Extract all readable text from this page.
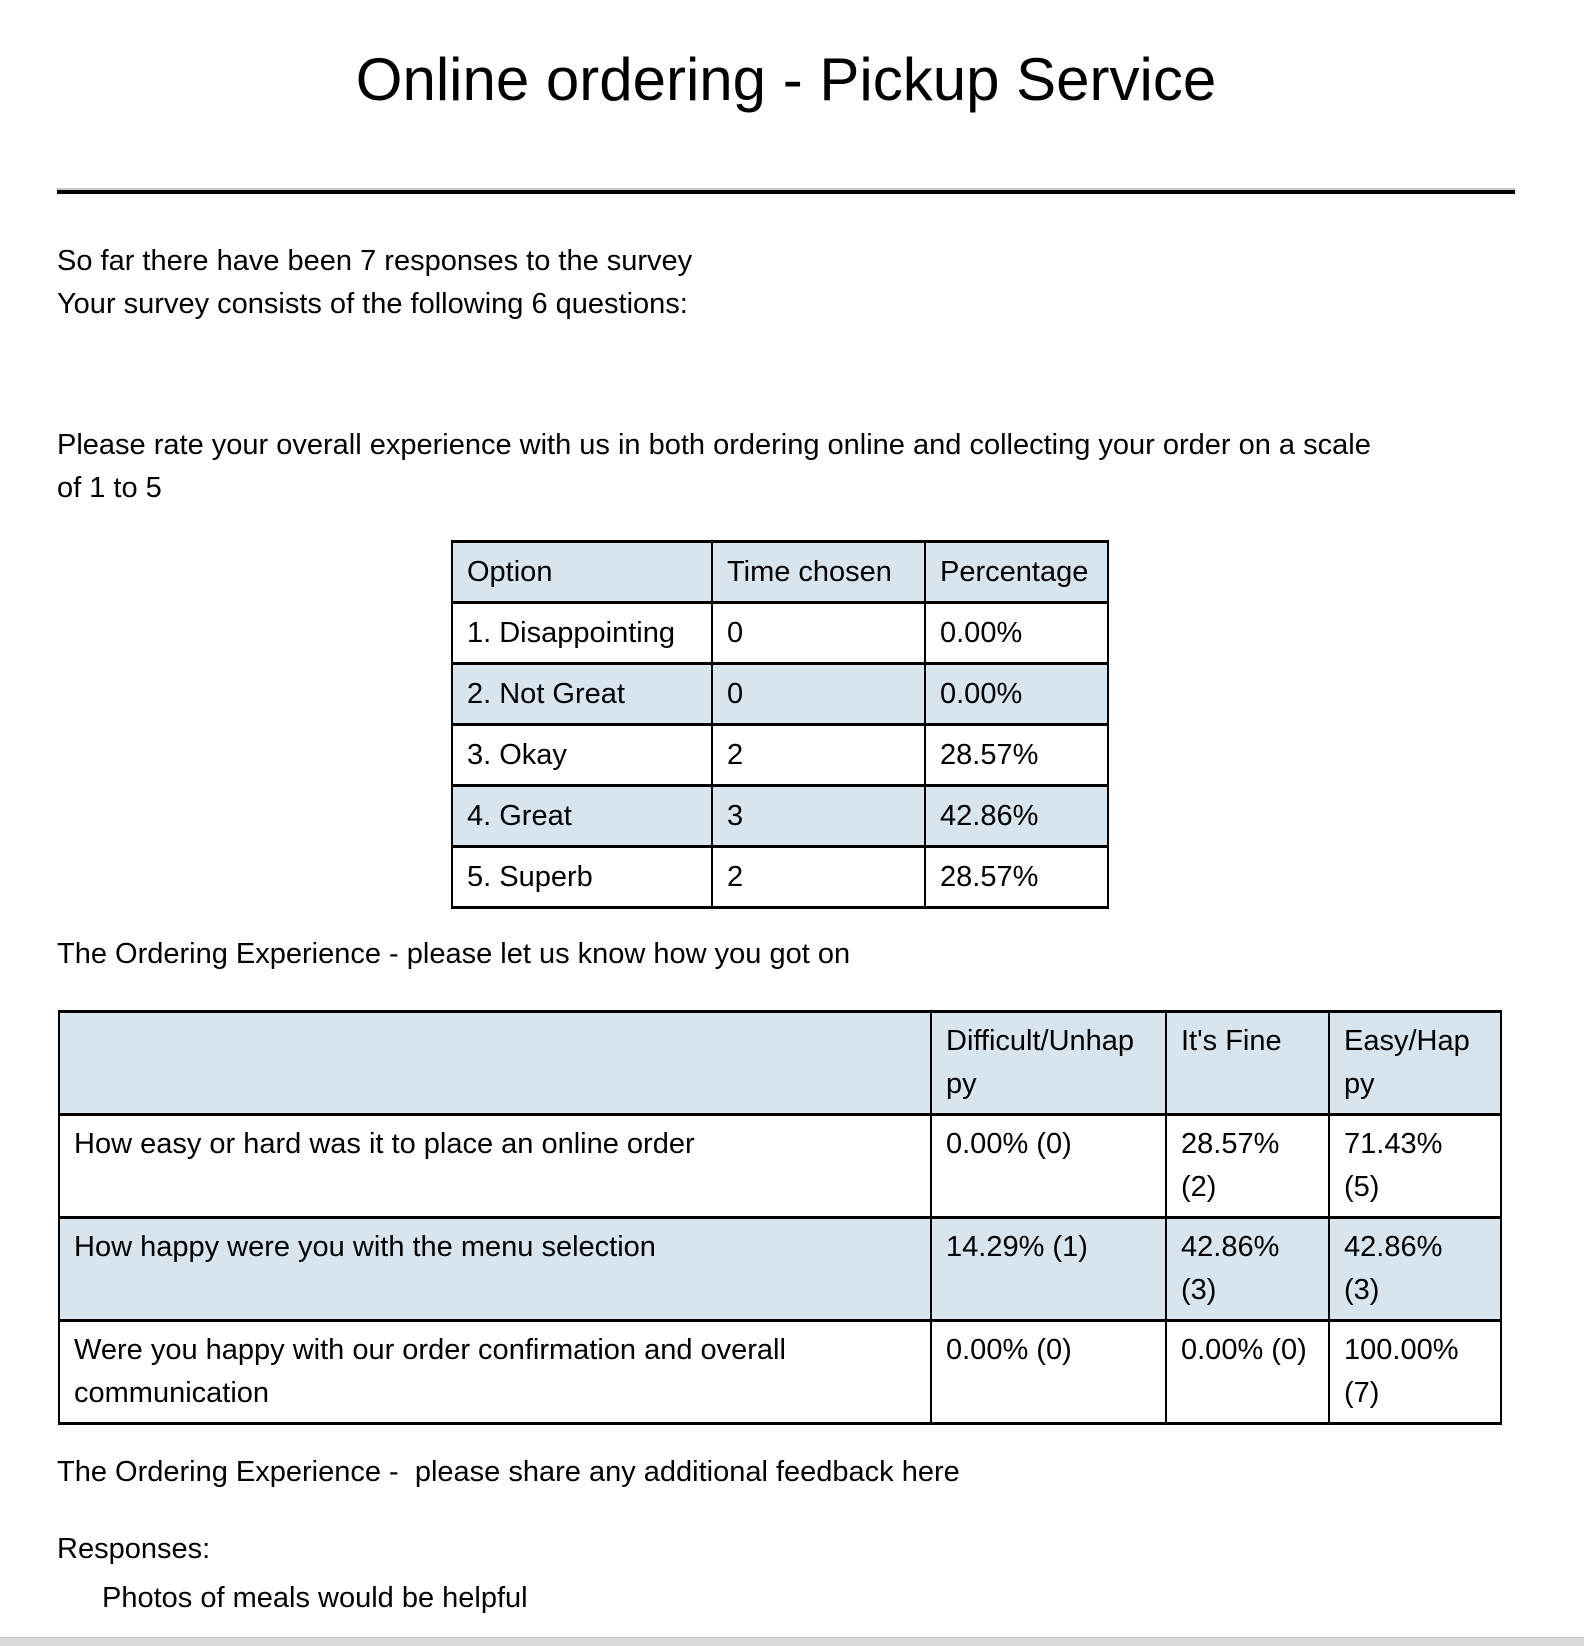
Online ordering - Pickup Service

So far there have been 7 responses to the survey

Your survey consists of the following 6 questions:

Please rate your overall experience with us in both ordering online and collecting your order on a scale of 1 to 5

Option	Time chosen	Percentage
1. Disappointing	0	0.00%
2. Not Great	0	0.00%
3. Okay	2	28.57%
4. Great	3	42.86%
5. Superb	2	28.57%

The Ordering Experience - please let us know how you got on

	Difficult/Unhappy	It's Fine	Easy/Happy
How easy or hard was it to place an online order	0.00% (0)	28.57% (2)	71.43% (5)
How happy were you with the menu selection	14.29% (1)	42.86% (3)	42.86% (3)
Were you happy with our order confirmation and overall communication	0.00% (0)	0.00% (0)	100.00% (7)

The Ordering Experience -  please share any additional feedback here

Responses:

Photos of meals would be helpful
